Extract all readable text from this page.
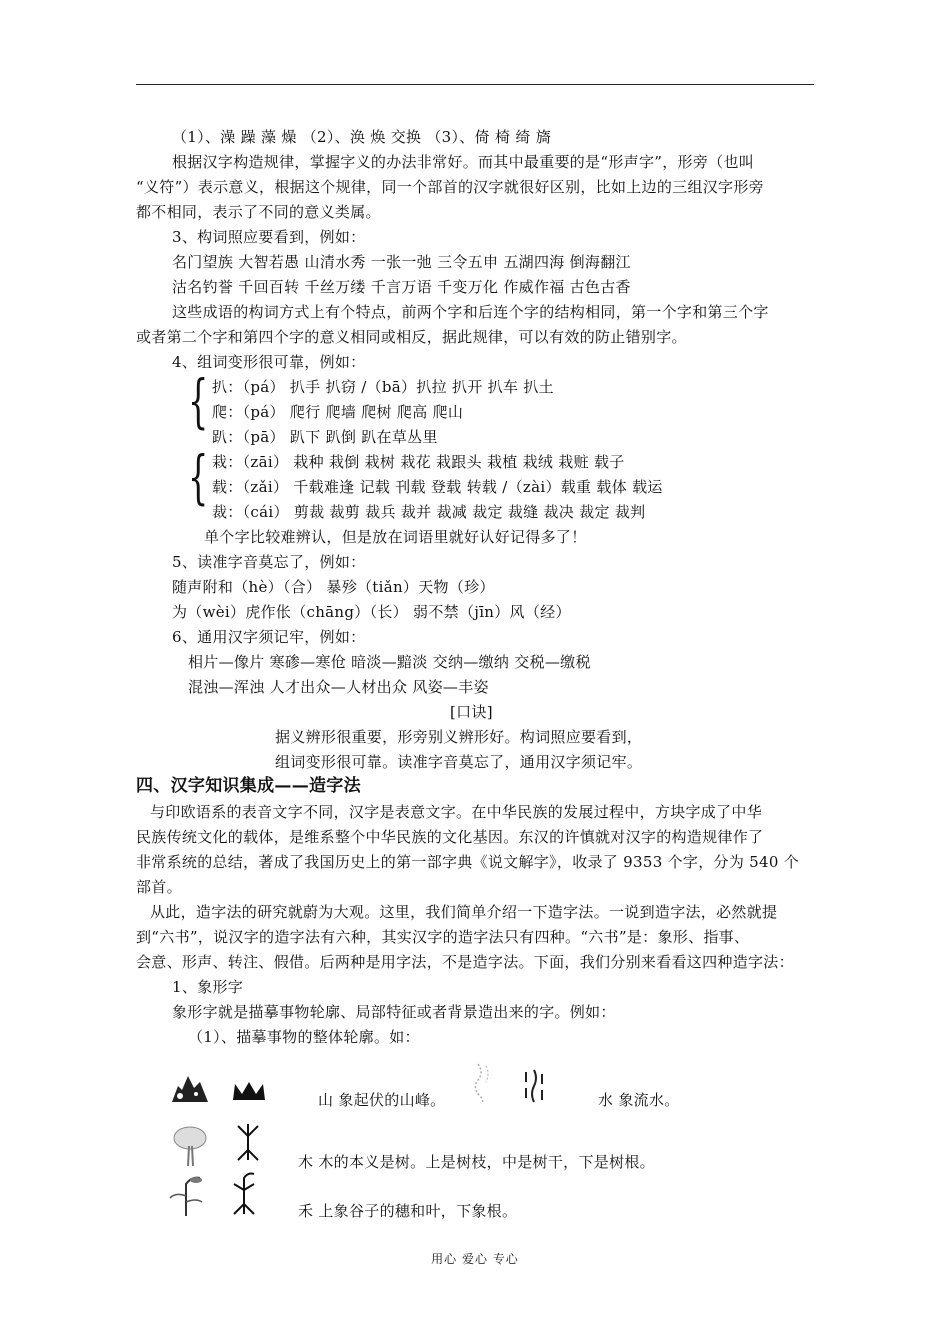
（1）、澡 躁 藻 燥 （2）、涣 焕 交换 （3）、倚 椅 绮 旖
根据汉字构造规律，掌握字义的办法非常好。而其中最重要的是“形声字”，形旁（也叫
“义符”）表示意义，根据这个规律，同一个部首的汉字就很好区别，比如上边的三组汉字形旁
都不相同，表示了不同的意义类属。
3、构词照应要看到，例如：
名门望族 大智若愚 山清水秀 一张一弛 三令五申 五湖四海 倒海翻江
沽名钓誉 千回百转 千丝万缕 千言万语 千变万化 作威作福 古色古香
这些成语的构词方式上有个特点，前两个字和后连个字的结构相同，第一个字和第三个字
或者第二个字和第四个字的意义相同或相反，据此规律，可以有效的防止错别字。
4、组词变形很可靠，例如：
{ 扒：（pá） 扒手 扒窃 /（bā）扒拉 扒开 扒车 扒土
爬：（pá） 爬行 爬墙 爬树 爬高 爬山
趴：（pā） 趴下 趴倒 趴在草丛里
{ 栽：（zāi） 栽种 栽倒 栽树 栽花 栽跟头 栽植 栽绒 栽赃 载子
载：（zǎi） 千载难逢 记载 刊载 登载 转载 /（zài）载重 载体 载运
裁：（cái） 剪裁 裁剪 裁兵 裁并 裁减 裁定 裁缝 裁决 裁定 裁判
单个字比较难辨认，但是放在词语里就好认好记得多了！
5、读准字音莫忘了，例如：
随声附和（hè）（合） 暴殄（tiǎn）天物（珍）
为（wèi）虎作伥（chāng）（长） 弱不禁（jīn）风（经）
6、通用汉字须记牢，例如：
相片—像片 寒碜—寒伧 暗淡—黯淡 交纳—缴纳 交税—缴税
混浊—浑浊 人才出众—人材出众 风姿—丰姿
[口诀]
据义辨形很重要，形旁别义辨形好。构词照应要看到，
组词变形很可靠。读准字音莫忘了，通用汉字须记牢。
四、汉字知识集成——造字法
与印欧语系的表音文字不同，汉字是表意文字。在中华民族的发展过程中，方块字成了中华
民族传统文化的载体，是维系整个中华民族的文化基因。东汉的许慎就对汉字的构造规律作了
非常系统的总结，著成了我国历史上的第一部字典《说文解字》，收录了 9353 个字，分为 540 个
部首。
从此，造字法的研究就蔚为大观。这里，我们简单介绍一下造字法。一说到造字法，必然就提
到“六书”，说汉字的造字法有六种，其实汉字的造字法只有四种。“六书”是：象形、指事、
会意、形声、转注、假借。后两种是用字法，不是造字法。下面，我们分别来看看这四种造字法：
1、象形字
象形字就是描摹事物轮廓、局部特征或者背景造出来的字。例如：
（1）、描摹事物的整体轮廓。如：
山 象起伏的山峰。	水 象流水。
木 木的本义是树。上是树枝，中是树干，下是树根。
禾 上象谷子的穗和叶，下象根。
用心 爱心 专心
